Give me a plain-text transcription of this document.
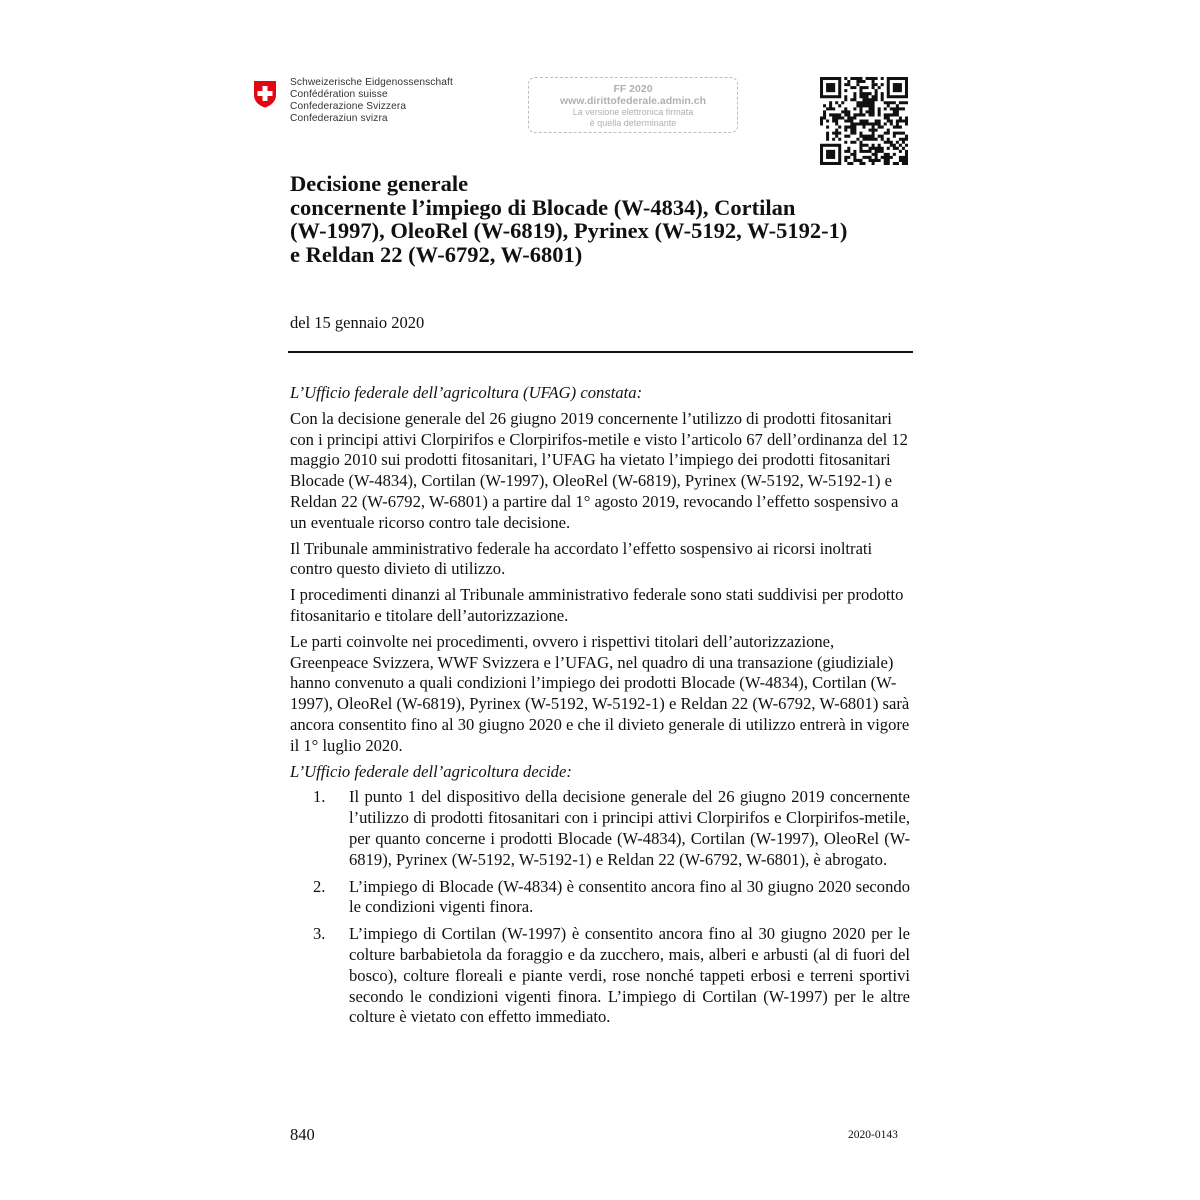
Schweizerische Eidgenossenschaft
Confédération suisse
Confederazione Svizzera
Confederaziun svizra
FF 2020
www.dirittofederale.admin.ch
La versione elettronica firmata
è quella determinante
Decisione generale
concernente l’impiego di Blocade (W-4834), Cortilan
(W-1997), OleoRel (W-6819), Pyrinex (W-5192, W-5192-1)
e Reldan 22 (W-6792, W-6801)
del 15 gennaio 2020

L’Ufficio federale dell’agricoltura (UFAG) constata:

Con la decisione generale del 26 giugno 2019 concernente l’utilizzo di prodotti fitosanitari con i principi attivi Clorpirifos e Clorpirifos-metile e visto l’articolo 67 dell’ordinanza del 12 maggio 2010 sui prodotti fitosanitari, l’UFAG ha vietato l’impiego dei prodotti fitosanitari Blocade (W-4834), Cortilan (W-1997), OleoRel (W-6819), Pyrinex (W-5192, W-5192-1) e Reldan 22 (W-6792, W-6801) a partire dal 1° agosto 2019, revocando l’effetto sospensivo a un eventuale ricorso contro tale decisione.

Il Tribunale amministrativo federale ha accordato l’effetto sospensivo ai ricorsi inoltrati contro questo divieto di utilizzo.

I procedimenti dinanzi al Tribunale amministrativo federale sono stati suddivisi per prodotto fitosanitario e titolare dell’autorizzazione.

Le parti coinvolte nei procedimenti, ovvero i rispettivi titolari dell’autorizzazione, Greenpeace Svizzera, WWF Svizzera e l’UFAG, nel quadro di una transazione (giudiziale) hanno convenuto a quali condizioni l’impiego dei prodotti Blocade (W-4834), Cortilan (W-1997), OleoRel (W-6819), Pyrinex (W-5192, W-5192-1) e Reldan 22 (W-6792, W-6801) sarà ancora consentito fino al 30 giugno 2020 e che il divieto generale di utilizzo entrerà in vigore il 1° luglio 2020.

L’Ufficio federale dell’agricoltura decide:

1. Il punto 1 del dispositivo della decisione generale del 26 giugno 2019 concernente l’utilizzo di prodotti fitosanitari con i principi attivi Clorpirifos e Clorpirifos-metile, per quanto concerne i prodotti Blocade (W-4834), Cortilan (W-1997), OleoRel (W-6819), Pyrinex (W-5192, W-5192-1) e Reldan 22 (W-6792, W-6801), è abrogato.
2. L’impiego di Blocade (W-4834) è consentito ancora fino al 30 giugno 2020 secondo le condizioni vigenti finora.
3. L’impiego di Cortilan (W-1997) è consentito ancora fino al 30 giugno 2020 per le colture barbabietola da foraggio e da zucchero, mais, alberi e arbusti (al di fuori del bosco), colture floreali e piante verdi, rose nonché tappeti erbosi e terreni sportivi secondo le condizioni vigenti finora. L’impiego di Cortilan (W-1997) per le altre colture è vietato con effetto immediato.
840	2020-0143
